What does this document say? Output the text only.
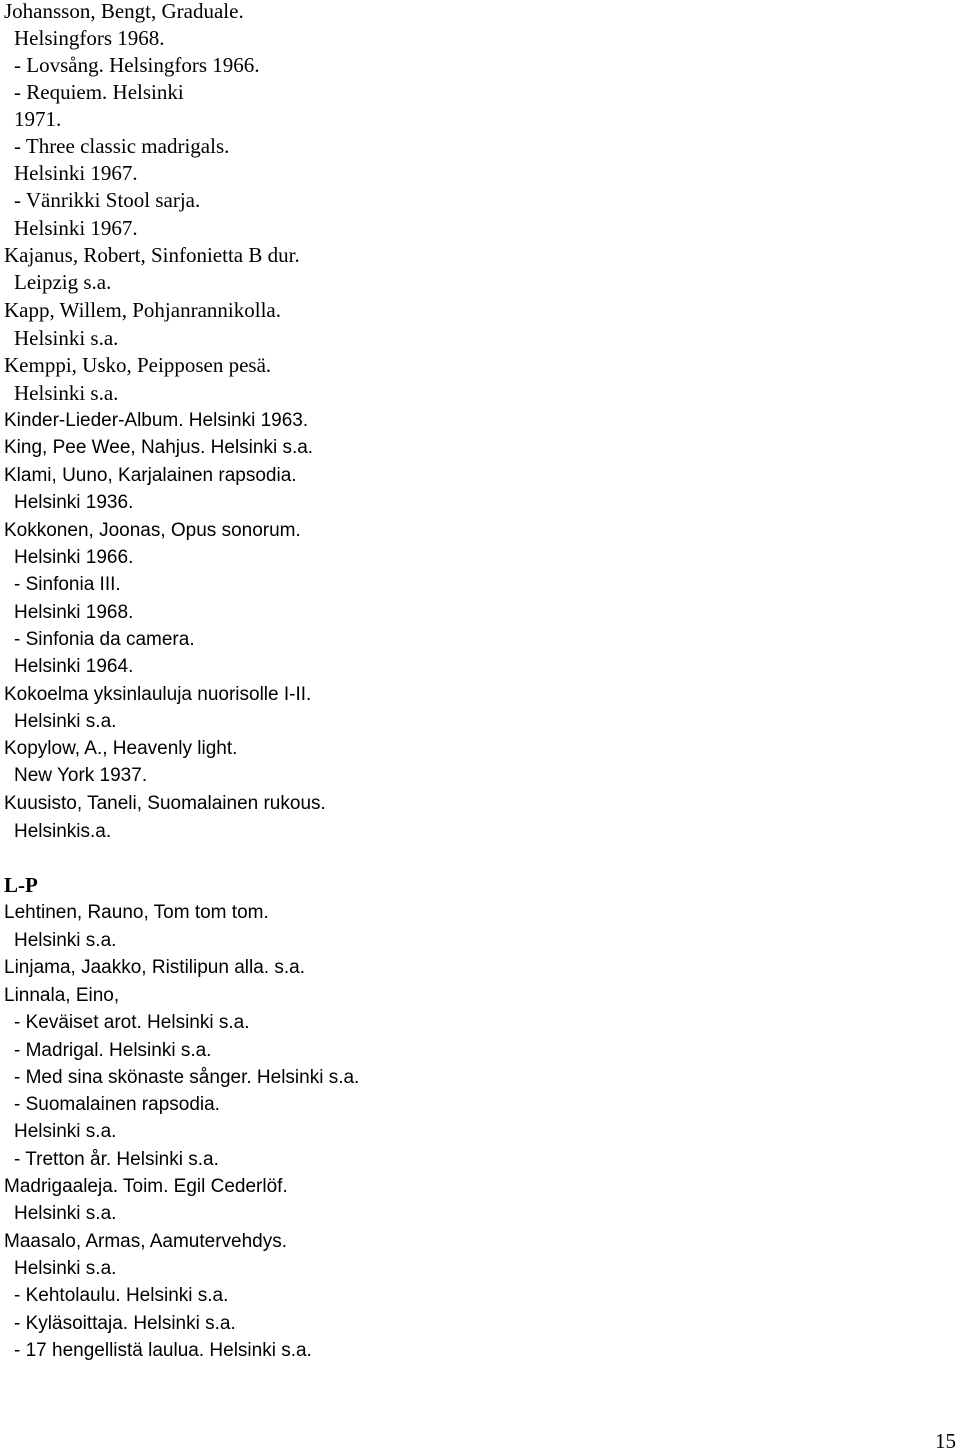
Johansson, Bengt, Graduale.
Helsingfors 1968.
- Lovsång. Helsingfors 1966.
- Requiem. Helsinki
1971.
- Three classic madrigals.
Helsinki 1967.
- Vänrikki Stool sarja.
Helsinki 1967.
Kajanus, Robert, Sinfonietta B dur.
Leipzig s.a.
Kapp, Willem, Pohjanrannikolla.
Helsinki s.a.
Kemppi, Usko, Peipposen pesä.
Helsinki s.a.
Kinder-Lieder-Album. Helsinki 1963.
King, Pee Wee, Nahjus. Helsinki s.a.
Klami, Uuno, Karjalainen rapsodia.
Helsinki 1936.
Kokkonen, Joonas, Opus sonorum.
Helsinki 1966.
- Sinfonia III.
Helsinki 1968.
- Sinfonia da camera.
Helsinki 1964.
Kokoelma yksinlauluja nuorisolle I-II.
Helsinki s.a.
Kopylow, A., Heavenly light.
New York 1937.
Kuusisto, Taneli, Suomalainen rukous.
Helsinkis.a.
L-P
Lehtinen, Rauno, Tom tom tom.
Helsinki s.a.
Linjama, Jaakko, Ristilipun alla. s.a.
Linnala, Eino,
- Keväiset arot. Helsinki s.a.
- Madrigal. Helsinki s.a.
- Med sina skönaste sånger. Helsinki s.a.
- Suomalainen rapsodia.
Helsinki s.a.
- Tretton år. Helsinki s.a.
Madrigaaleja. Toim. Egil Cederlöf.
Helsinki s.a.
Maasalo, Armas, Aamutervehdys.
Helsinki s.a.
- Kehtolaulu. Helsinki s.a.
- Kyläsoittaja. Helsinki s.a.
- 17 hengellistä laulua. Helsinki s.a.
15
